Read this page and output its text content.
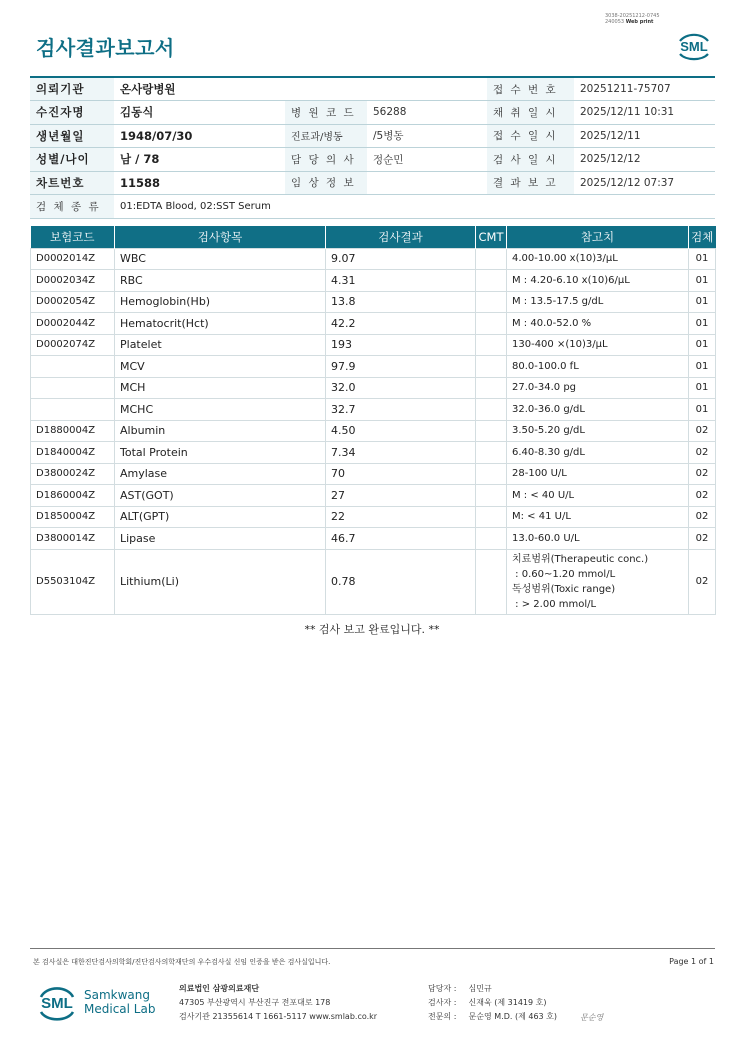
3038-20251212-0745
240053 Web print
검사결과보고서	SML
의뢰기관	온사랑병원			접 수 번 호	20251211-75707
수진자명	김동식	병 원 코 드	56288	채 취 일 시	2025/12/11 10:31
생년월일	1948/07/30	진료과/병동	/5병동	접 수 일 시	2025/12/11
성별/나이	남 / 78	담 당 의 사	정순민	검 사 일 시	2025/12/12
차트번호	11588	임 상 정 보		결 과 보 고	2025/12/12 07:37
검 체 종 류	01:EDTA Blood, 02:SST Serum				
보험코드	검사항목	검사결과	CMT	참고치	검체
D0002014Z	WBC	9.07		4.00-10.00 x(10)3/μL	01
D0002034Z	RBC	4.31		M : 4.20-6.10 x(10)6/μL	01
D0002054Z	Hemoglobin(Hb)	13.8		M : 13.5-17.5 g/dL	01
D0002044Z	Hematocrit(Hct)	42.2		M : 40.0-52.0 %	01
D0002074Z	Platelet	193		130-400 ×(10)3/μL	01
	MCV	97.9		80.0-100.0 fL	01
	MCH	32.0		27.0-34.0 pg	01
	MCHC	32.7		32.0-36.0 g/dL	01
D1880004Z	Albumin	4.50		3.50-5.20 g/dL	02
D1840004Z	Total Protein	7.34		6.40-8.30 g/dL	02
D3800024Z	Amylase	70		28-100 U/L	02
D1860004Z	AST(GOT)	27		M : < 40 U/L	02
D1850004Z	ALT(GPT)	22		M: < 41 U/L	02
D3800014Z	Lipase	46.7		13.0-60.0 U/L	02
D5503104Z	Lithium(Li)	0.78		치료범위(Therapeutic conc.)
: 0.60~1.20 mmol/L
독성범위(Toxic range)
: > 2.00 mmol/L	02
** 검사 보고 완료입니다. **
본 검사실은 대한진단검사의학회/진단검사의학재단의 우수검사실 신임 인증을 받은 검사실입니다.	Page 1 of 1
SML Samkwang
Medical Lab
의료법인 삼광의료재단
47305 부산광역시 부산진구 전포대로 178
검사기관 21355614 T 1661-5117 www.smlab.co.kr
담당자 : 심민규
검사자 : 신재욱 (제 31419 호)
전문의 : 문순영 M.D. (제 463 호)	문순영
